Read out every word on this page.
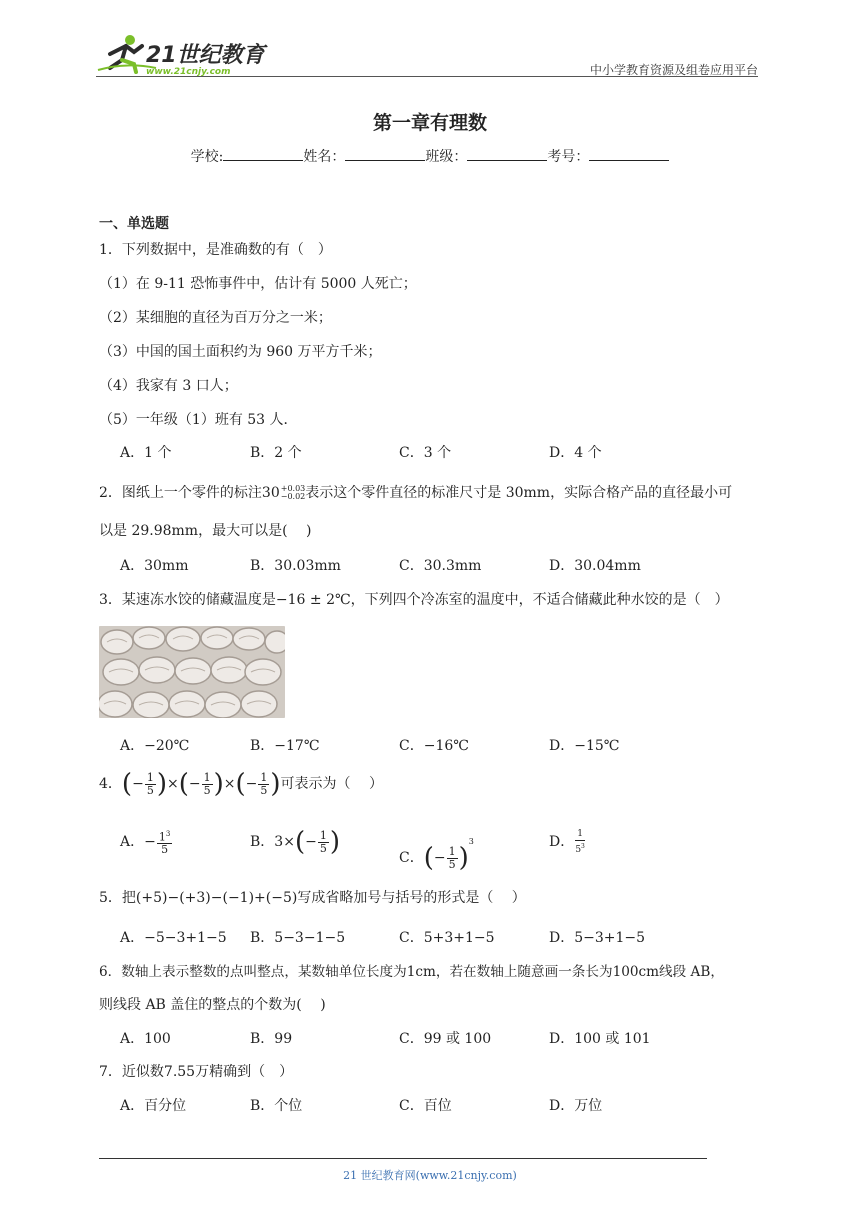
21世纪教育
www.21cnjy.com	中小学教育资源及组卷应用平台
第一章有理数
学校:	姓名：	班级：	考号：
一、单选题
1．下列数据中，是准确数的有（　）
（1）在 9-11 恐怖事件中，估计有 5000 人死亡；
（2）某细胞的直径为百万分之一米；
（3）中国的国土面积约为 960 万平方千米；
（4）我家有 3 口人；
（5）一年级（1）班有 53 人．
A．1 个	B．2 个	C．3 个	D．4 个
2．图纸上一个零件的标注30 +0.03
−0.02 表示这个零件直径的标准尺寸是 30mm，实际合格产品的直径最小可
以是 29.98mm，最大可以是(　 )
A．30mm	B．30.03mm	C．30.3mm	D．30.04mm
3．某速冻水饺的储藏温度是−16 ± 2℃，下列四个冷冻室的温度中，不适合储藏此种水饺的是（　）
A．−20℃	B．−17℃	C．−16℃	D．−15℃
4．(− $\frac{1}{5}$ )×(− $\frac{1}{5}$ )×(− $\frac{1}{5}$ )可表示为（　 ）
A．− $\frac{1^3}{5}$	B．$3\times(- \frac{1}{5}$ )
C．(− $\frac{1}{5} )^3$	D． $\frac{1}{5^3}$
5．把(+5)−(+3)−(−1)+(−5)写成省略加号与括号的形式是（　 ）
A．−5−3+1−5 B．5−3−1−5	C．5+3+1−5	D．5−3+1−5
6．数轴上表示整数的点叫整点，某数轴单位长度为1cm，若在数轴上随意画一条长为100cm线段 AB，
则线段 AB 盖住的整点的个数为(　 )
A．100	B．99	C．99 或 100	D．100 或 101
7．近似数7.55万精确到（　）
A．百分位	B．个位	C．百位	D．万位
21 世纪教育网(www.21cnjy.com)
